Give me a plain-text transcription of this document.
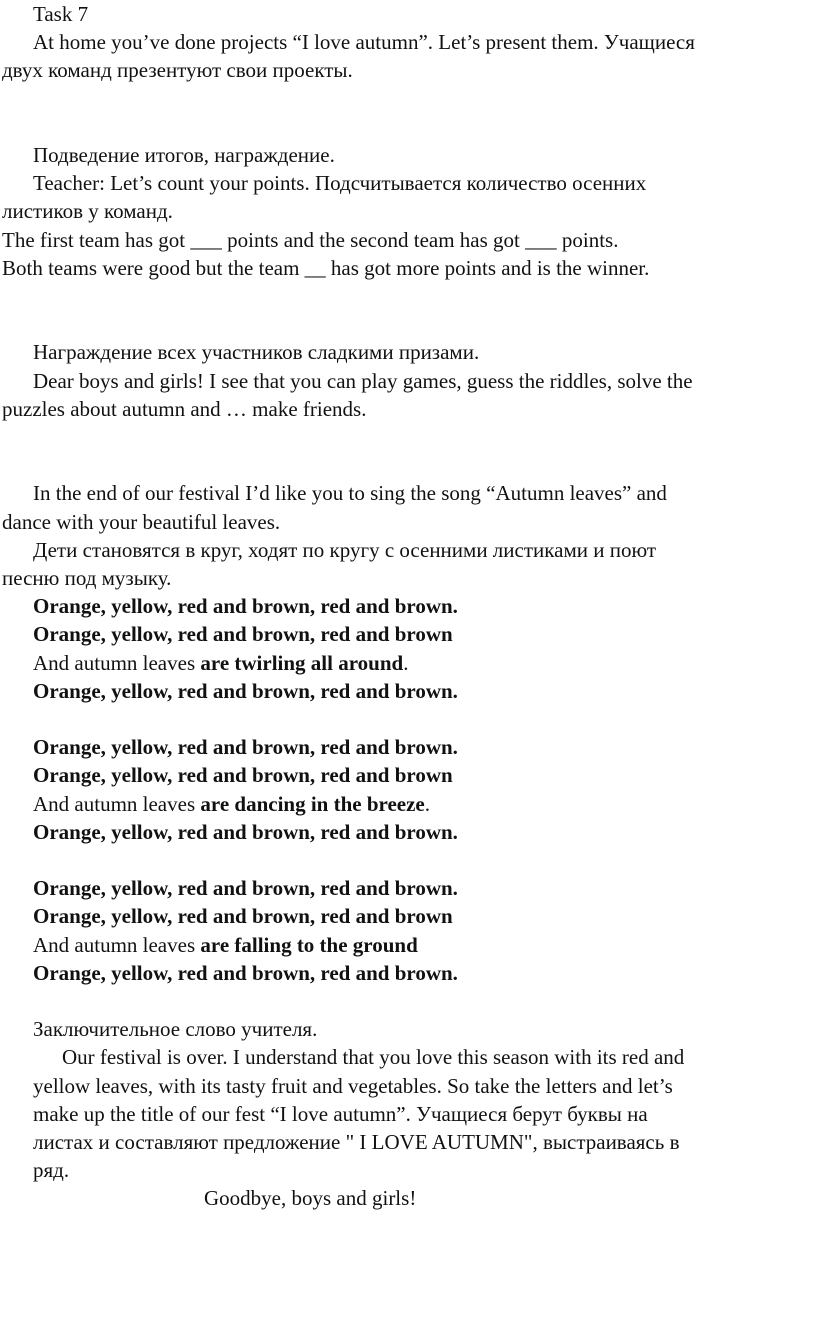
Task 7
At home you’ve done projects “I love autumn”. Let’s present them. Учащиеся
двух команд презентуют свои проекты.
Подведение итогов, награждение.
Teacher: Let’s count your points. Подсчитывается количество осенних
листиков у команд.
The first team has got ___ points and the second team has got ___ points.
Both teams were good but the team __ has got more points and is the winner.
Награждение всех участников сладкими призами.
Dear boys and girls! I see that you can play games, guess the riddles, solve the
puzzles about autumn and … make friends.
In the end of our festival I’d like you to sing the song “Autumn leaves” and
dance with your beautiful leaves.
Дети становятся в круг, ходят по кругу с осенними листиками и поют
песню под музыку.
Orange, yellow, red and brown, red and brown.
Orange, yellow, red and brown, red and brown
And autumn leaves are twirling all around.
Orange, yellow, red and brown, red and brown.
Orange, yellow, red and brown, red and brown.
Orange, yellow, red and brown, red and brown
And autumn leaves are dancing in the breeze.
Orange, yellow, red and brown, red and brown.
Orange, yellow, red and brown, red and brown.
Orange, yellow, red and brown, red and brown
And autumn leaves are falling to the ground
Orange, yellow, red and brown, red and brown.
Заключительное слово учителя.
Our festival is over. I understand that you love this season with its red and
yellow leaves, with its tasty fruit and vegetables. So take the letters and let’s
make up the title of our fest “I love autumn”. Учащиеся берут буквы на
листах и составляют предложение " I LOVE AUTUMN", выстраиваясь в
ряд.
Goodbye, boys and girls!
